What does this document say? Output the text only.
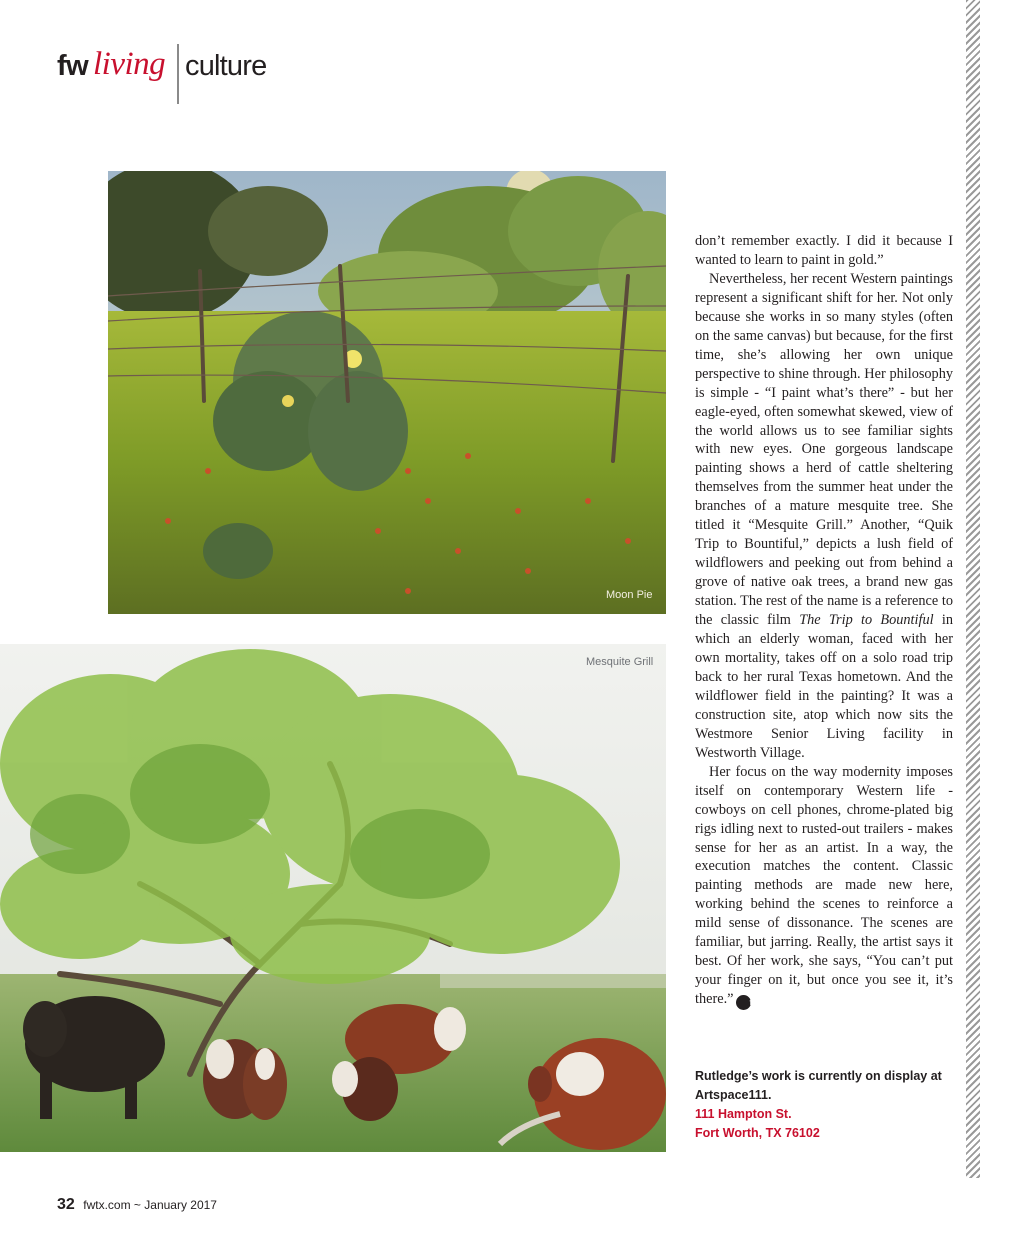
fw living culture
Moon Pie
Mesquite Grill

don’t remember exactly. I did it because I wanted to learn to paint in gold.”

Nevertheless, her recent Western paintings represent a significant shift for her. Not only because she works in so many styles (often on the same canvas) but because, for the first time, she’s allowing her own unique perspective to shine through. Her philosophy is simple - “I paint what’s there” - but her eagle-eyed, often somewhat skewed, view of the world allows us to see familiar sights with new eyes. One gorgeous landscape painting shows a herd of cattle sheltering themselves from the summer heat under the branches of a mature mesquite tree. She titled it “Mesquite Grill.” Another, “Quik Trip to Bountiful,” depicts a lush field of wildflowers and peeking out from behind a grove of native oak trees, a brand new gas station. The rest of the name is a reference to the classic film The Trip to Bountiful in which an elderly woman, faced with her own mortality, takes off on a solo road trip back to her rural Texas hometown. And the wildflower field in the painting? It was a construction site, atop which now sits the Westmore Senior Living facility in Westworth Village.

Her focus on the way modernity imposes itself on contemporary Western life - cowboys on cell phones, chrome-plated big rigs idling next to rusted-out trailers - makes sense for her as an artist. In a way, the execution matches the content. Classic painting methods are made new here, working behind the scenes to reinforce a mild sense of dissonance. The scenes are familiar, but jarring. Really, the artist says it best. Of her work, she says, “You can’t put your finger on it, but once you see it, it’s there.” fw

Rutledge’s work is currently on display at Artspace111.
111 Hampton St.
Fort Worth, TX 76102
32 fwtx.com ~ January 2017
